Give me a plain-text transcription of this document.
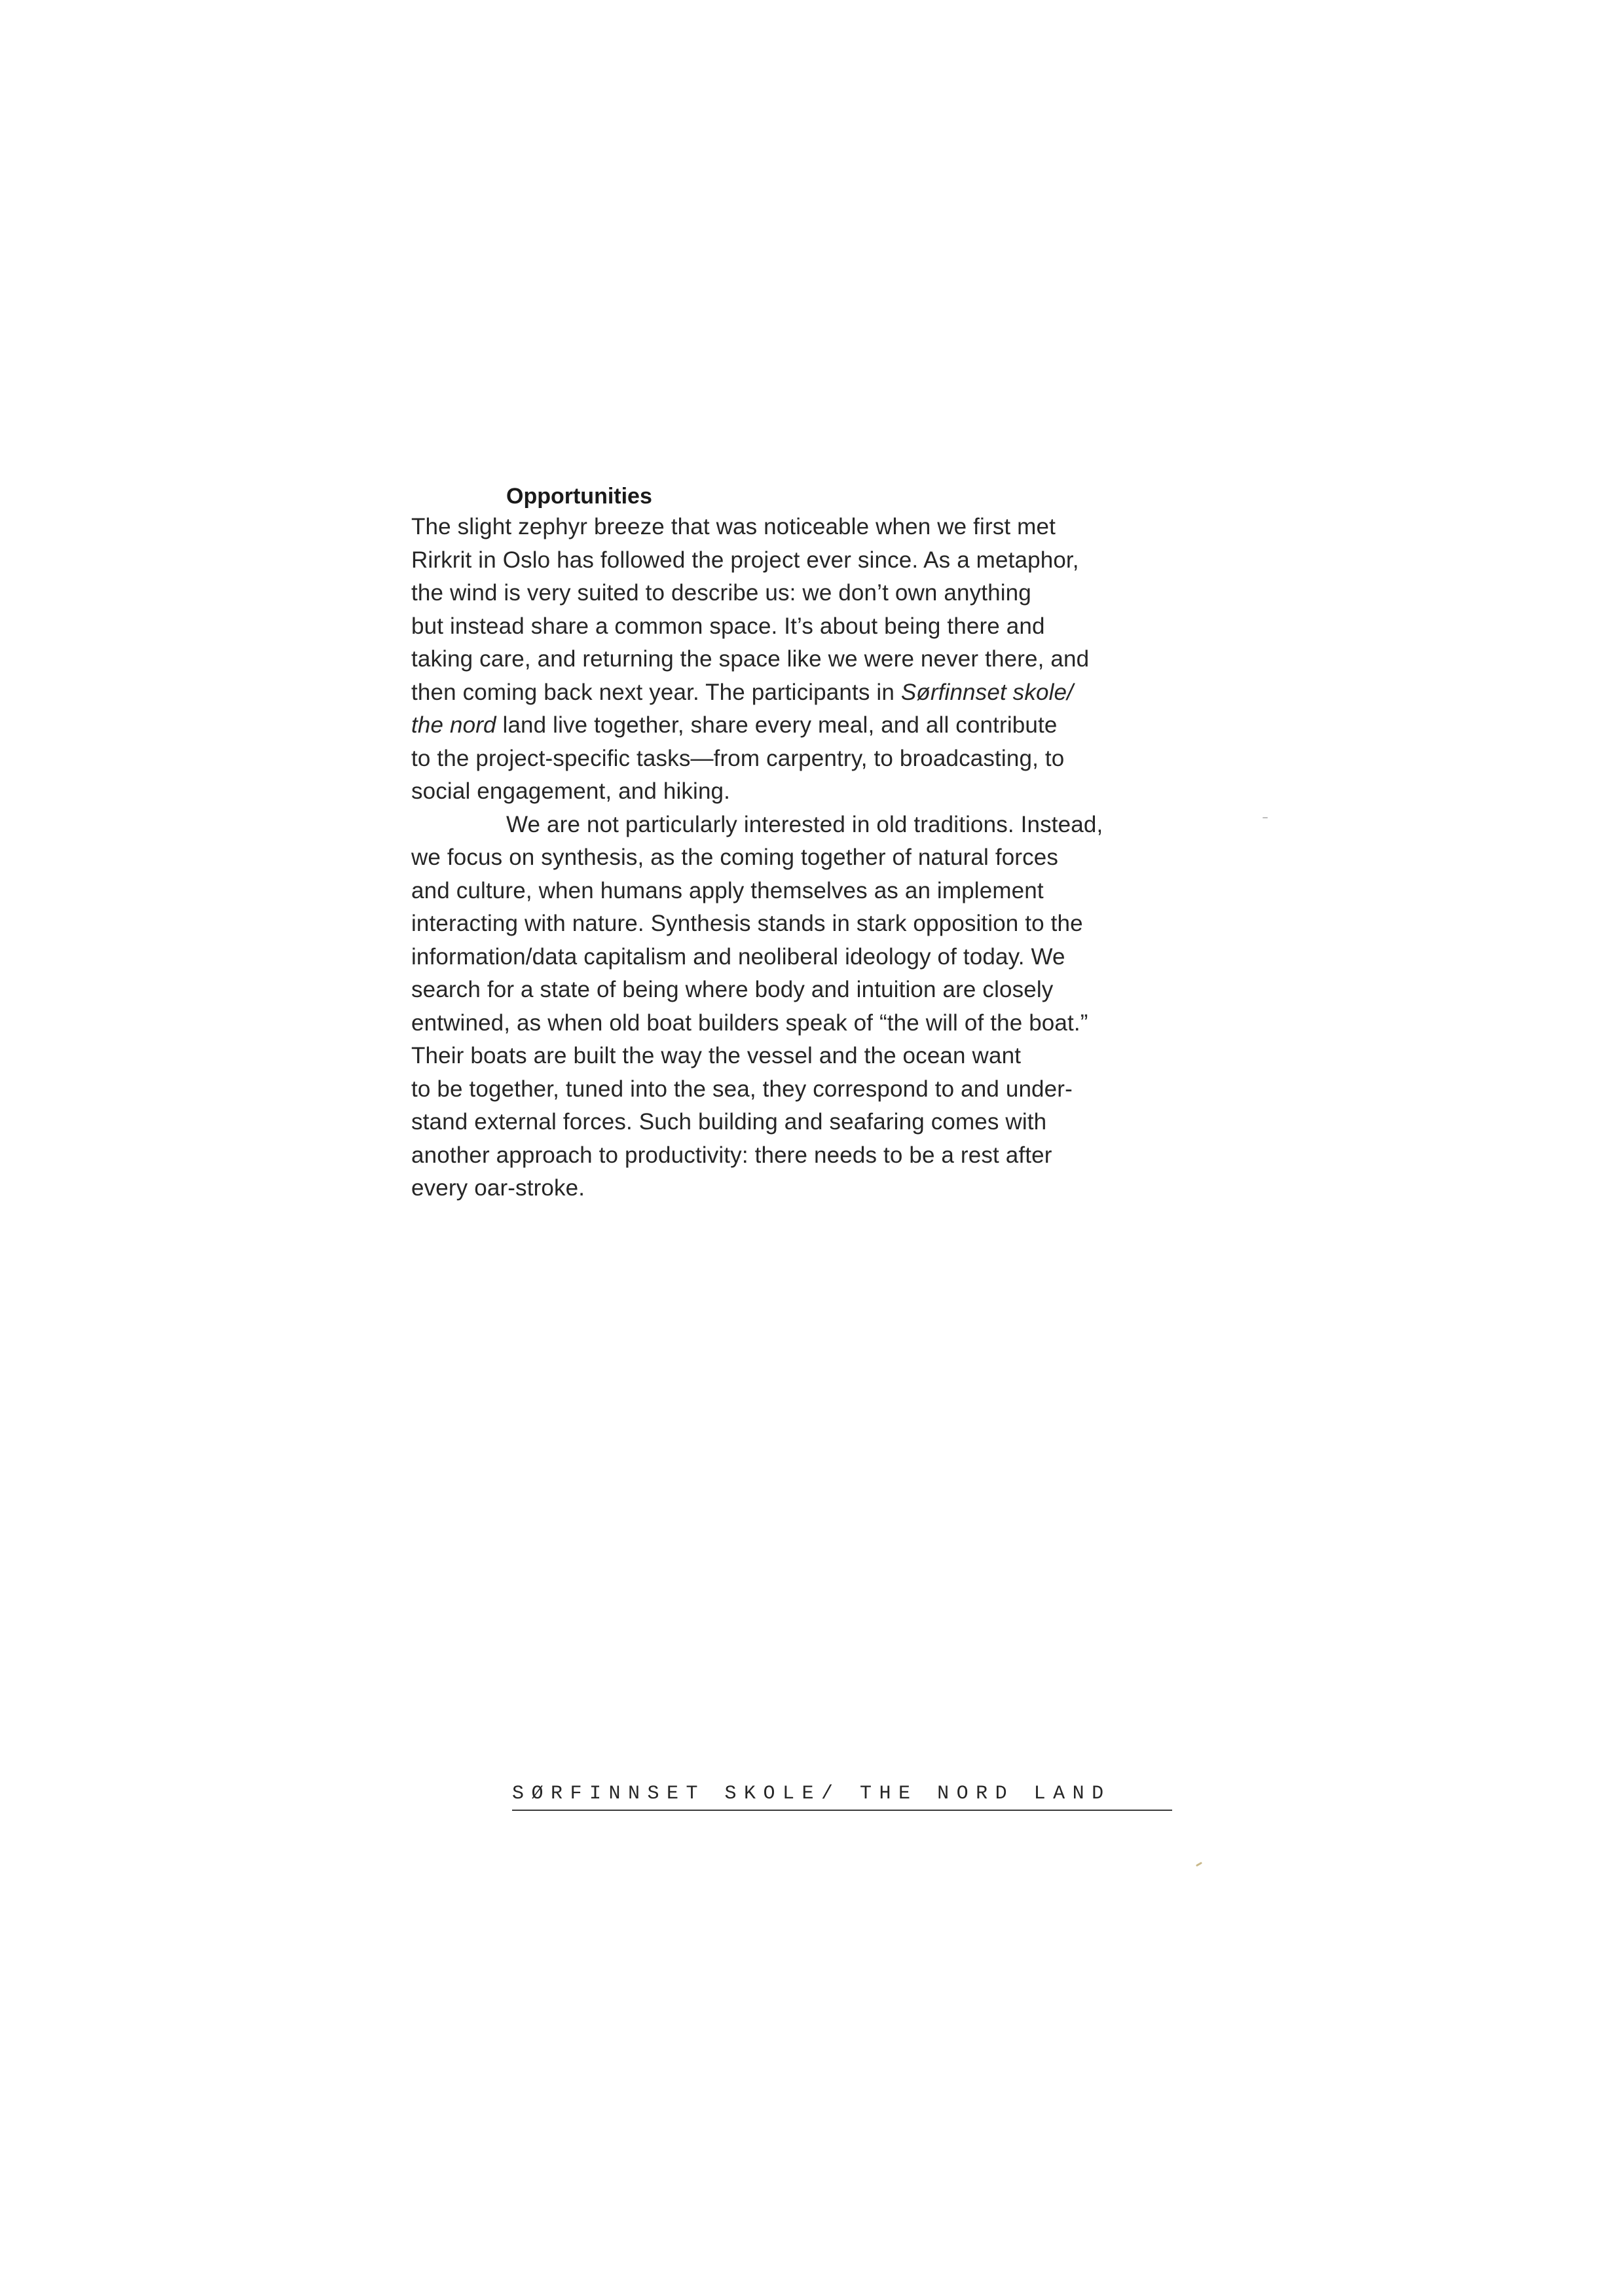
Opportunities
The slight zephyr breeze that was noticeable when we first met
Rirkrit in Oslo has followed the project ever since. As a metaphor,
the wind is very suited to describe us: we don’t own anything
but instead share a common space. It’s about being there and
taking care, and returning the space like we were never there, and
then coming back next year. The participants in Sørfinnset skole/
the nord land live together, share every meal, and all contribute
to the project-specific tasks—from carpentry, to broadcasting, to
social engagement, and hiking.
We are not particularly interested in old traditions. Instead,
we focus on synthesis, as the coming together of natural forces
and culture, when humans apply themselves as an implement
interacting with nature. Synthesis stands in stark opposition to the
information/data capitalism and neoliberal ideology of today. We
search for a state of being where body and intuition are closely
entwined, as when old boat builders speak of “the will of the boat.”
Their boats are built the way the vessel and the ocean want
to be together, tuned into the sea, they correspond to and under-
stand external forces. Such building and seafaring comes with
another approach to productivity: there needs to be a rest after
every oar-stroke.
SØRFINNSET SKOLE/ THE NORD LAND
